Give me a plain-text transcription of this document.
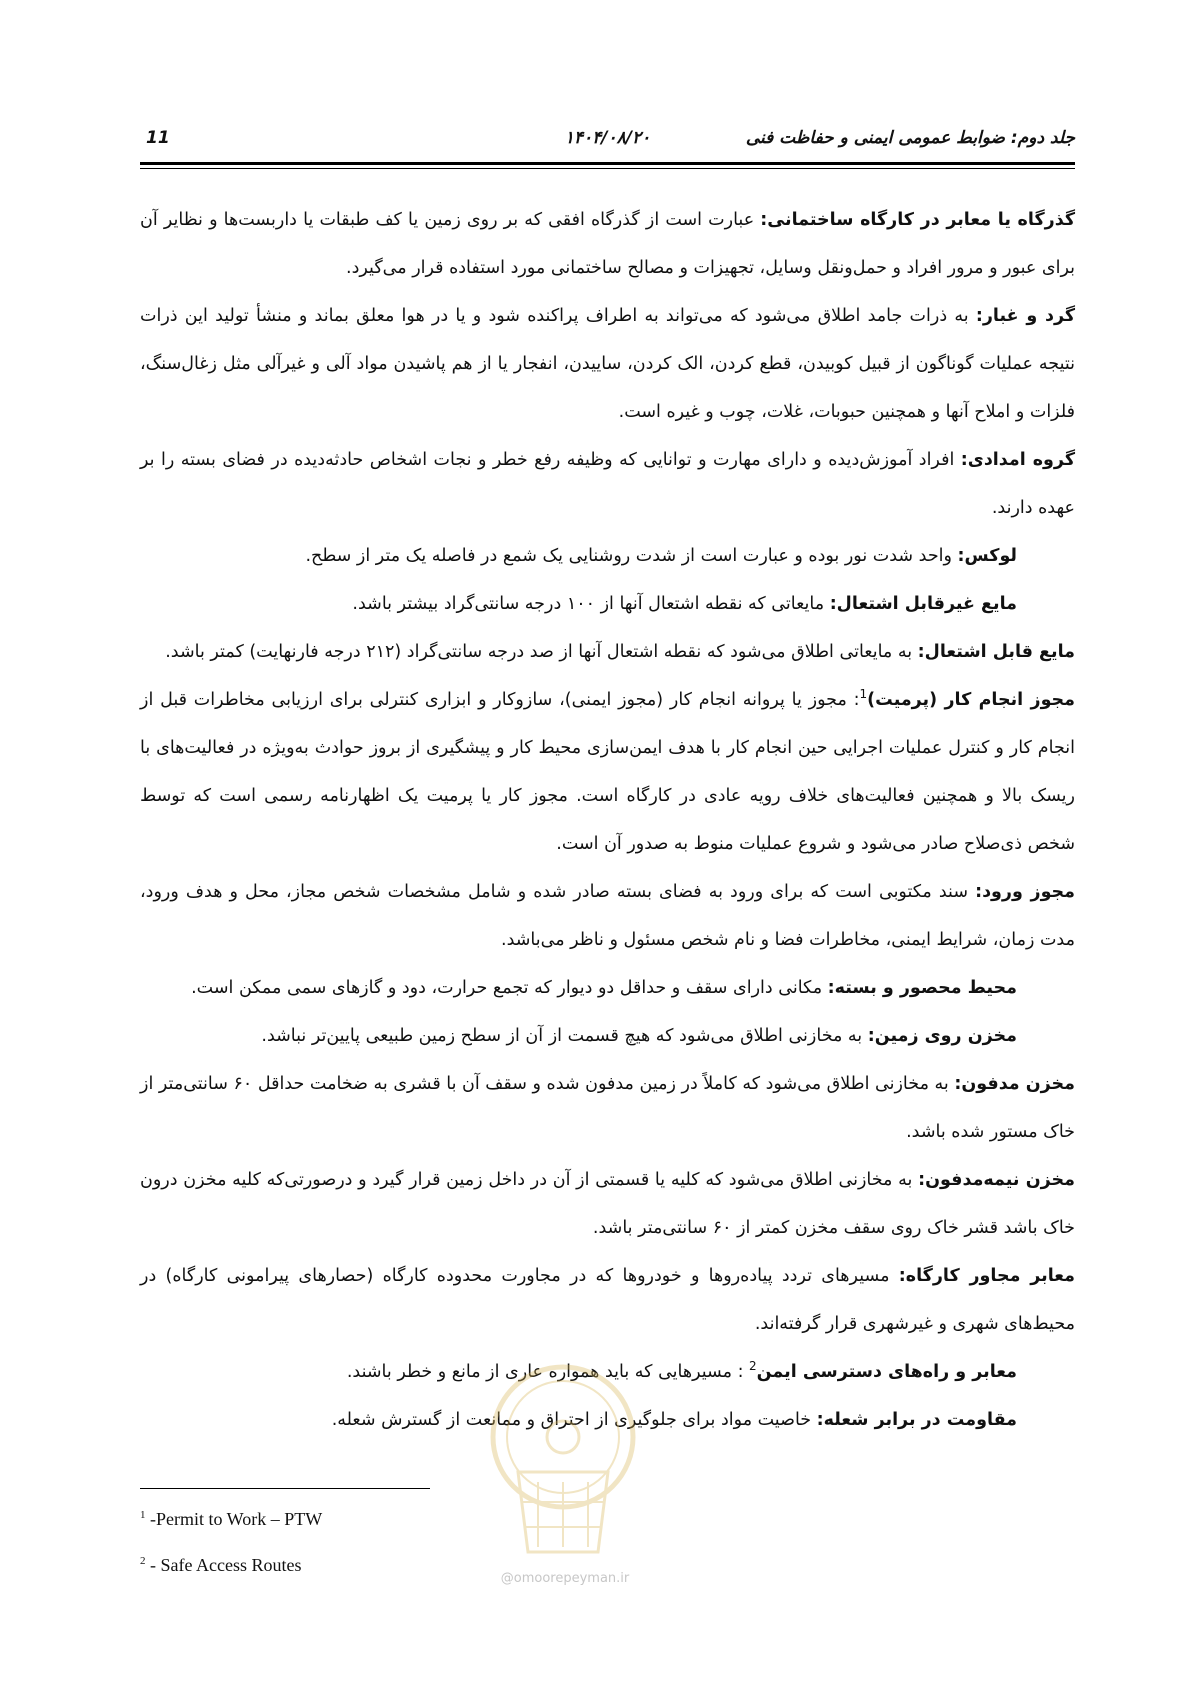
جلد دوم: ضوابط عمومی ایمنی و حفاظت فنی
۱۴۰۴/۰۸/۲۰
11

گذرگاه یا معابر در کارگاه ساختمانی: عبارت است از گذرگاه افقی که بر روی زمین یا کف طبقات یا داربست‌ها و نظایر آن برای عبور و مرور افراد و حمل‌ونقل وسایل، تجهیزات و مصالح ساختمانی مورد استفاده قرار می‌گیرد.

گرد و غبار: به ذرات جامد اطلاق می‌شود که می‌تواند به اطراف پراکنده شود و یا در هوا معلق بماند و منشأ تولید این ذرات نتیجه عملیات گوناگون از قبیل کوبیدن، قطع کردن، الک کردن، ساییدن، انفجار یا از هم پاشیدن مواد آلی و غیرآلی مثل زغال‌سنگ، فلزات و املاح آنها و همچنین حبوبات، غلات، چوب و غیره است.

گروه امدادی: افراد آموزش‌دیده و دارای مهارت و توانایی که وظیفه رفع خطر و نجات اشخاص حادثه‌دیده در فضای بسته را بر عهده دارند.

لوکس: واحد شدت نور بوده و عبارت است از شدت روشنایی یک شمع در فاصله یک متر از سطح.

مایع غیرقابل اشتعال: مایعاتی که نقطه اشتعال آنها از ۱۰۰ درجه سانتی‌گراد بیشتر باشد.

مایع قابل اشتعال: به مایعاتی اطلاق می‌شود که نقطه اشتعال آنها از صد درجه سانتی‌گراد (۲۱۲ درجه فارنهایت) کمتر باشد.

مجوز انجام کار (پرمیت)$^1$: مجوز یا پروانه انجام کار (مجوز ایمنی)، سازوکار و ابزاری کنترلی برای ارزیابی مخاطرات قبل از انجام کار و کنترل عملیات اجرایی حین انجام کار با هدف ایمن‌سازی محیط کار و پیشگیری از بروز حوادث به‌ویژه در فعالیت‌های با ریسک بالا و همچنین فعالیت‌های خلاف رویه عادی در کارگاه است. مجوز کار یا پرمیت یک اظهارنامه رسمی است که توسط شخص ذی‌صلاح صادر می‌شود و شروع عملیات منوط به صدور آن است.

مجوز ورود: سند مکتوبی است که برای ورود به فضای بسته صادر شده و شامل مشخصات شخص مجاز، محل و هدف ورود، مدت زمان، شرایط ایمنی، مخاطرات فضا و نام شخص مسئول و ناظر می‌باشد.

محیط محصور و بسته: مکانی دارای سقف و حداقل دو دیوار که تجمع حرارت، دود و گازهای سمی ممکن است.

مخزن روی زمین: به مخازنی اطلاق می‌شود که هیچ قسمت از آن از سطح زمین طبیعی پایین‌تر نباشد.

مخزن مدفون: به مخازنی اطلاق می‌شود که کاملاً در زمین مدفون شده و سقف آن با قشری به ضخامت حداقل ۶۰ سانتی‌متر از خاک مستور شده باشد.

مخزن نیمه‌مدفون: به مخازنی اطلاق می‌شود که کلیه یا قسمتی از آن در داخل زمین قرار گیرد و درصورتی‌که کلیه مخزن درون خاک باشد قشر خاک روی سقف مخزن کمتر از ۶۰ سانتی‌متر باشد.

معابر مجاور کارگاه: مسیرهای تردد پیاده‌روها و خودروها که در مجاورت محدوده کارگاه (حصارهای پیرامونی کارگاه) در محیط‌های شهری و غیرشهری قرار گرفته‌اند.

معابر و راه‌های دسترسی ایمن$^2$ : مسیرهایی که باید همواره عاری از مانع و خطر باشند.

مقاومت در برابر شعله: خاصیت مواد برای جلوگیری از احتراق و ممانعت از گسترش شعله.

@omoorepeyman.ir
$^1$ -Permit to Work – PTW
$^2$ - Safe Access Routes
